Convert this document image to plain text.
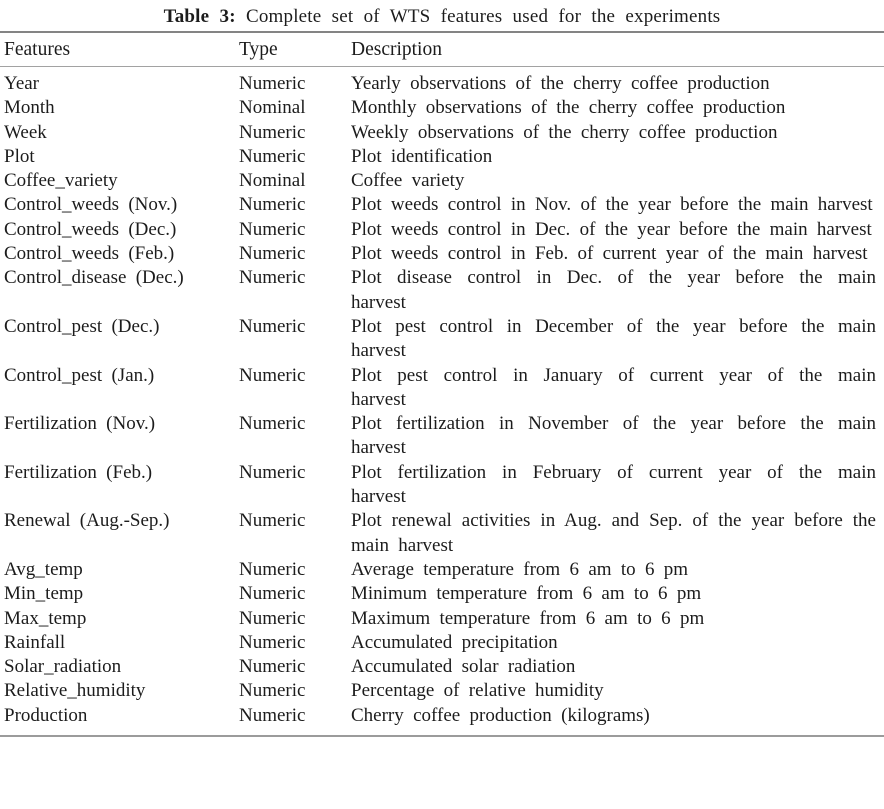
Table 3: Complete set of WTS features used for the experiments
Features	Type	Description
Year	Numeric	Yearly observations of the cherry coffee production
Month	Nominal	Monthly observations of the cherry coffee production
Week	Numeric	Weekly observations of the cherry coffee production
Plot	Numeric	Plot identification
Coffee_variety	Nominal	Coffee variety
Control_weeds (Nov.)	Numeric	Plot weeds control in Nov. of the year before the main harvest
Control_weeds (Dec.)	Numeric	Plot weeds control in Dec. of the year before the main harvest
Control_weeds (Feb.)	Numeric	Plot weeds control in Feb. of current year of the main harvest
Control_disease (Dec.)	Numeric	Plot disease control in Dec. of the year before the main harvest
Control_pest (Dec.)	Numeric	Plot pest control in December of the year before the main harvest
Control_pest (Jan.)	Numeric	Plot pest control in January of current year of the main harvest
Fertilization (Nov.)	Numeric	Plot fertilization in November of the year before the main harvest
Fertilization (Feb.)	Numeric	Plot fertilization in February of current year of the main harvest
Renewal (Aug.-Sep.)	Numeric	Plot renewal activities in Aug. and Sep. of the year before the main harvest
Avg_temp	Numeric	Average temperature from 6 am to 6 pm
Min_temp	Numeric	Minimum temperature from 6 am to 6 pm
Max_temp	Numeric	Maximum temperature from 6 am to 6 pm
Rainfall	Numeric	Accumulated precipitation
Solar_radiation	Numeric	Accumulated solar radiation
Relative_humidity	Numeric	Percentage of relative humidity
Production	Numeric	Cherry coffee production (kilograms)
